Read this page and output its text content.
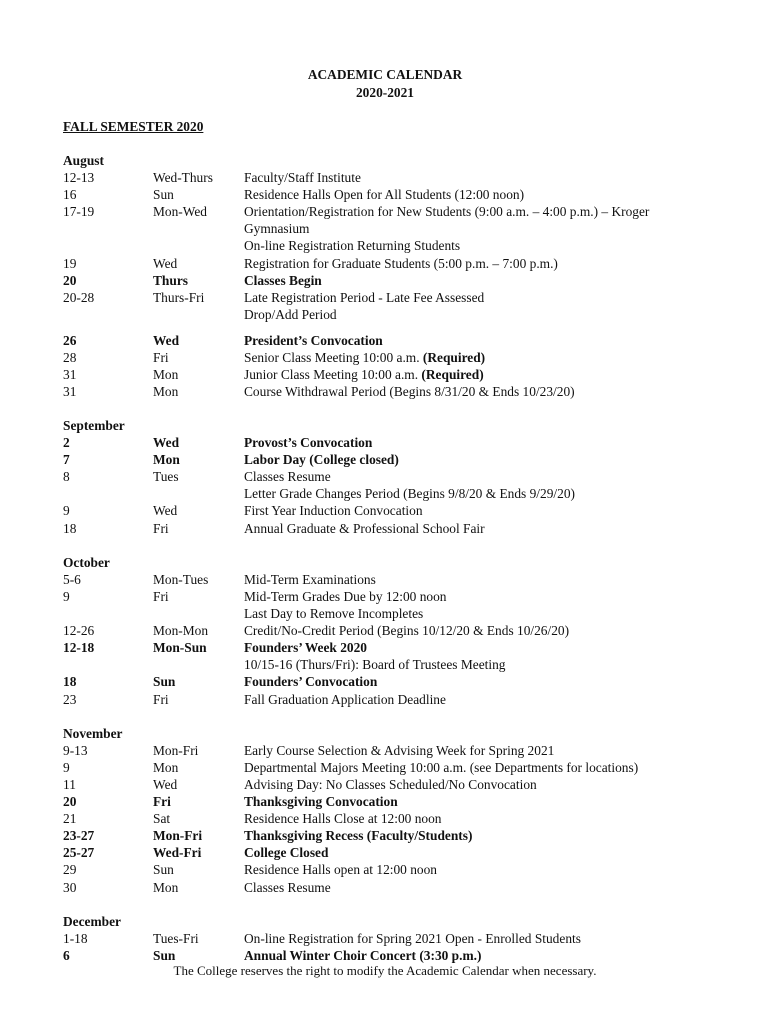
ACADEMIC CALENDAR
2020-2021
FALL SEMESTER 2020
August
12-13	Wed-Thurs Faculty/Staff Institute
16	Sun	Residence Halls Open for All Students (12:00 noon)
17-19	Mon-Wed	Orientation/Registration for New Students (9:00 a.m. – 4:00 p.m.) – Kroger
Gymnasium
On-line Registration Returning Students
19	Wed	Registration for Graduate Students (5:00 p.m. – 7:00 p.m.)
20	Thurs	Classes Begin
20-28	Thurs-Fri	Late Registration Period - Late Fee Assessed
Drop/Add Period
26	Wed	President’s Convocation
28	Fri	Senior Class Meeting 10:00 a.m. (Required)
31	Mon	Junior Class Meeting 10:00 a.m. (Required)
31	Mon	Course Withdrawal Period (Begins 8/31/20 & Ends 10/23/20)
September
2	Wed	Provost’s Convocation
7	Mon	Labor Day (College closed)
8	Tues	Classes Resume
Letter Grade Changes Period (Begins 9/8/20 & Ends 9/29/20)
9	Wed	First Year Induction Convocation
18	Fri	Annual Graduate & Professional School Fair
October
5-6	Mon-Tues	Mid-Term Examinations
9	Fri	Mid-Term Grades Due by 12:00 noon
Last Day to Remove Incompletes
12-26	Mon-Mon	Credit/No-Credit Period (Begins 10/12/20 & Ends 10/26/20)
12-18	Mon-Sun	Founders’ Week 2020
10/15-16 (Thurs/Fri): Board of Trustees Meeting
18	Sun	Founders’ Convocation
23	Fri	Fall Graduation Application Deadline
November
9-13	Mon-Fri	Early Course Selection & Advising Week for Spring 2021
9	Mon	Departmental Majors Meeting 10:00 a.m. (see Departments for locations)
11	Wed	Advising Day: No Classes Scheduled/No Convocation
20	Fri	Thanksgiving Convocation
21	Sat	Residence Halls Close at 12:00 noon
23-27	Mon-Fri	Thanksgiving Recess (Faculty/Students)
25-27	Wed-Fri	College Closed
29	Sun	Residence Halls open at 12:00 noon
30	Mon	Classes Resume
December
1-18	Tues-Fri	On-line Registration for Spring 2021 Open - Enrolled Students
6	Sun	Annual Winter Choir Concert (3:30 p.m.)
The College reserves the right to modify the Academic Calendar when necessary.
